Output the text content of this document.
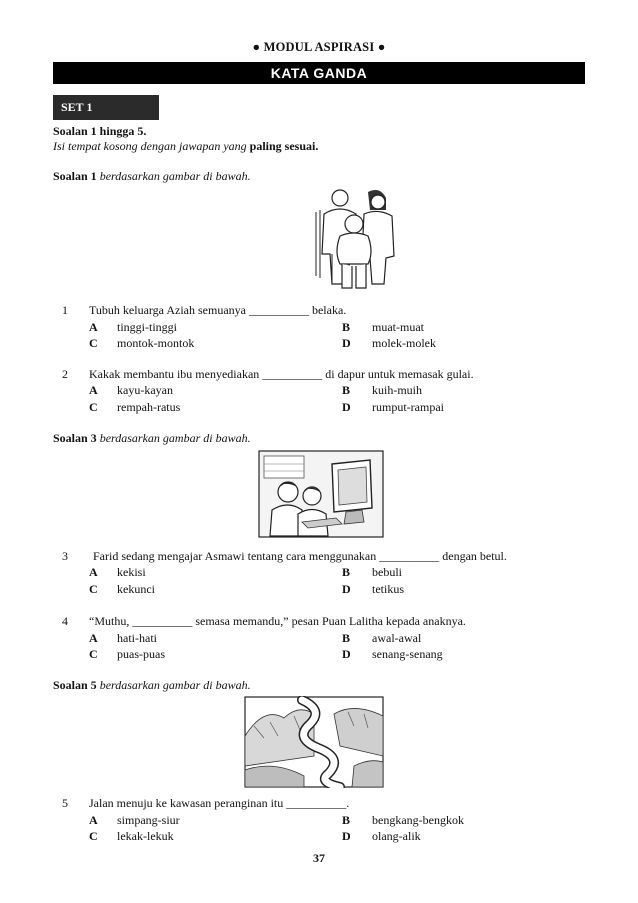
● MODUL ASPIRASI ●
KATA GANDA
SET 1
Soalan 1 hingga 5.
Isi tempat kosong dengan jawapan yang paling sesuai.
Soalan 1 berdasarkan gambar di bawah.
1 Tubuh keluarga Aziah semuanya __________ belaka.
A tinggi-tinggi	B muat-muat
C montok-montok	D molek-molek
2 Kakak membantu ibu menyediakan __________ di dapur untuk memasak gulai.
A kayu-kayan	B kuih-muih
C rempah-ratus	D rumput-rampai
Soalan 3 berdasarkan gambar di bawah.
3 Farid sedang mengajar Asmawi tentang cara menggunakan __________ dengan betul.
A kekisi	B bebuli
C kekunci	D tetikus
4 “Muthu, __________ semasa memandu,” pesan Puan Lalitha kepada anaknya.
A hati-hati	B awal-awal
C puas-puas	D senang-senang
Soalan 5 berdasarkan gambar di bawah.
5 Jalan menuju ke kawasan peranginan itu __________.
A simpang-siur	B bengkang-bengkok
C lekak-lekuk	D olang-alik
37
